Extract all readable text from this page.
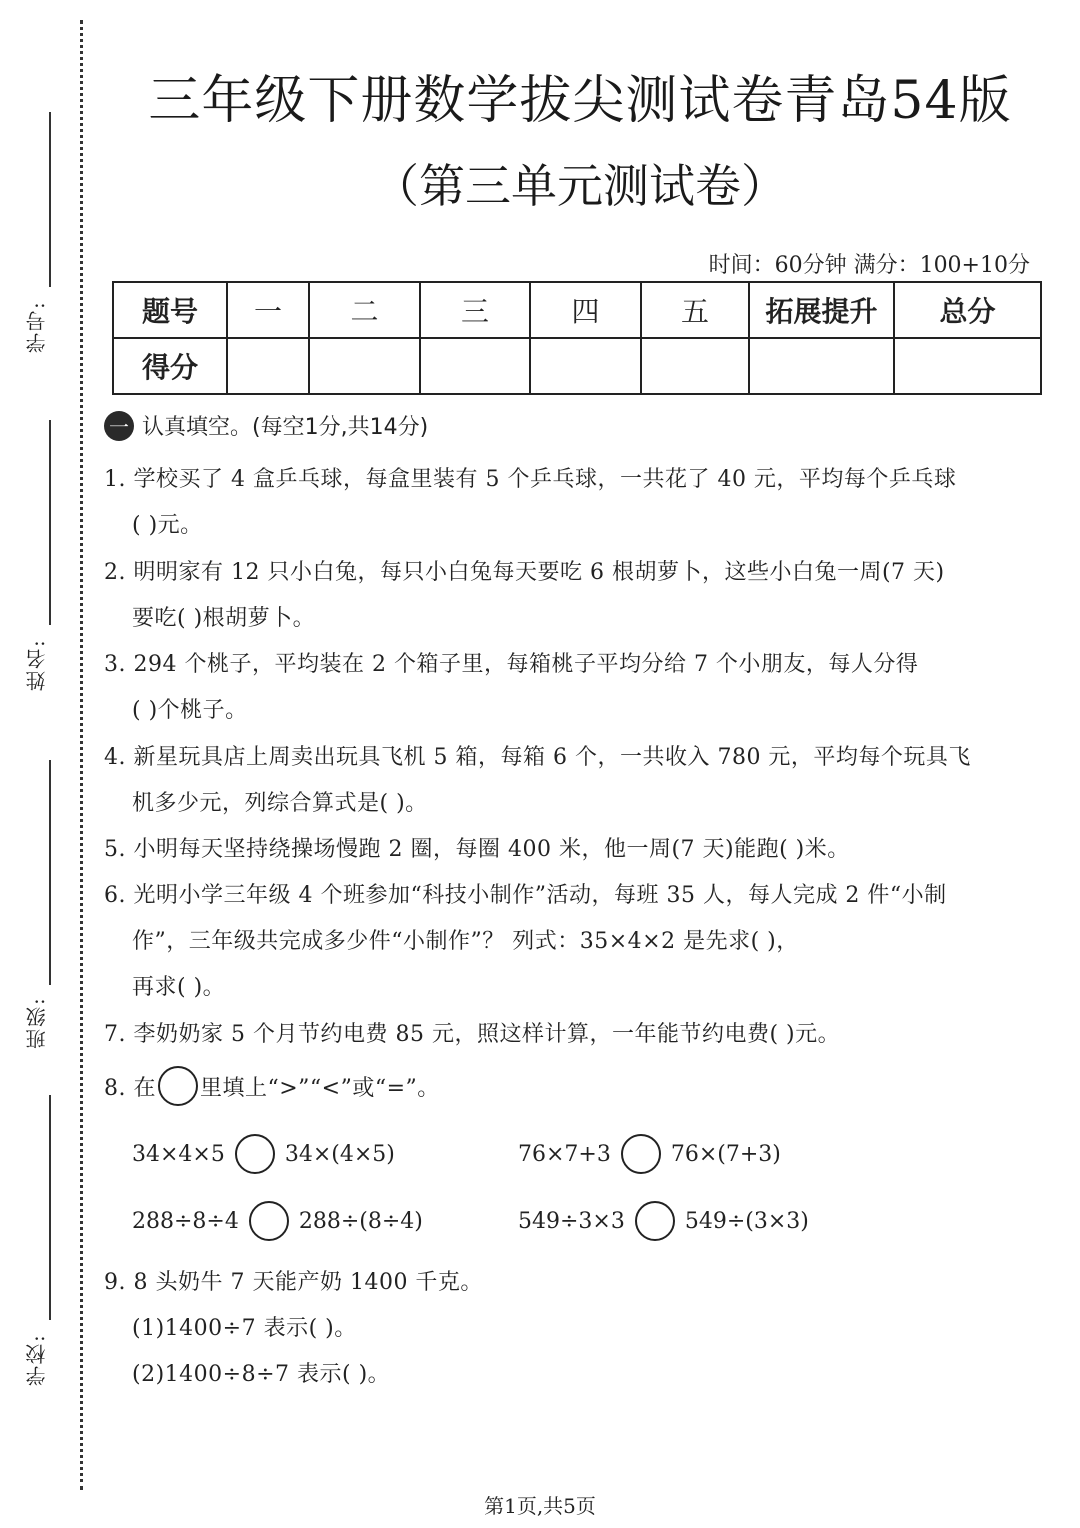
学号:
姓名:
班级:
学校:
三年级下册数学拔尖测试卷青岛54版
（第三单元测试卷）
时间：60分钟 满分：100+10分
题号	一	二	三	四	五	拓展提升	总分
得分							
一 认真填空。(每空1分,共14分)
1. 学校买了 4 盒乒乓球，每盒里装有 5 个乒乓球，一共花了 40 元，平均每个乒乓球
( )元。
2. 明明家有 12 只小白兔，每只小白兔每天要吃 6 根胡萝卜，这些小白兔一周(7 天)
要吃( )根胡萝卜。
3. 294 个桃子，平均装在 2 个箱子里，每箱桃子平均分给 7 个小朋友，每人分得
( )个桃子。
4. 新星玩具店上周卖出玩具飞机 5 箱，每箱 6 个，一共收入 780 元，平均每个玩具飞
机多少元，列综合算式是( )。
5. 小明每天坚持绕操场慢跑 2 圈，每圈 400 米，他一周(7 天)能跑( )米。
6. 光明小学三年级 4 个班参加“科技小制作”活动，每班 35 人，每人完成 2 件“小制
作”，三年级共完成多少件“小制作”？ 列式：35×4×2 是先求( )，
再求( )。
7. 李奶奶家 5 个月节约电费 85 元，照这样计算，一年能节约电费( )元。
8. 在 里填上“>”“<”或“=”。
34×4×5	34×(4×5)	76×7+3	76×(7+3)
288÷8÷4	288÷(8÷4)	549÷3×3	549÷(3×3)
9. 8 头奶牛 7 天能产奶 1400 千克。
(1)1400÷7 表示( )。
(2)1400÷8÷7 表示( )。
第1页,共5页
